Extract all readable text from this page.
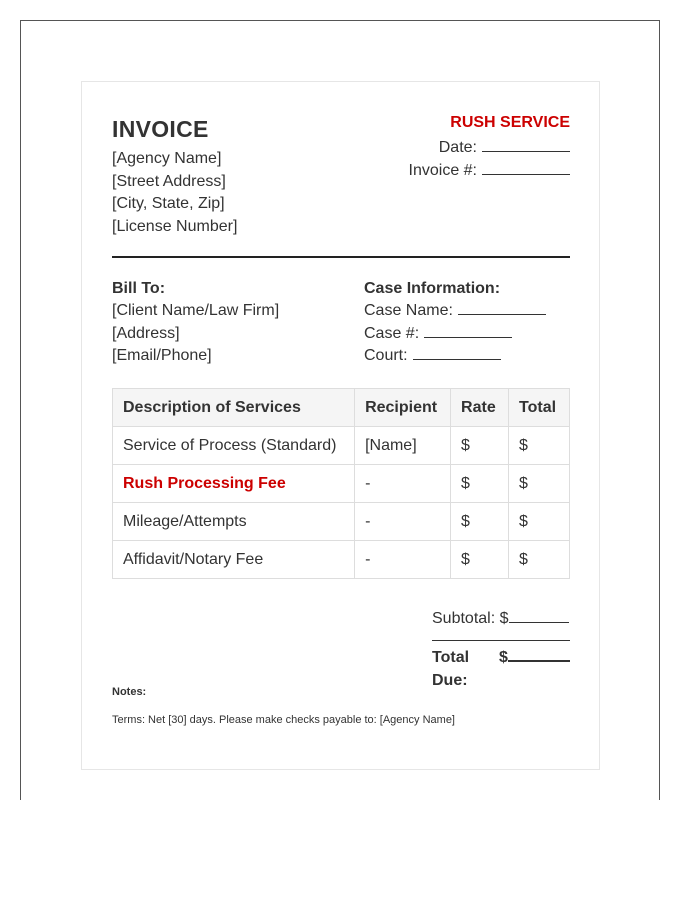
INVOICE
[Agency Name]
[Street Address]
[City, State, Zip]
[License Number]
RUSH SERVICE
Date:
Invoice #:
Bill To:
[Client Name/Law Firm]
[Address]
[Email/Phone]
Case Information:
Case Name:
Case #:
Court:
Description of Services	Recipient	Rate	Total
Service of Process (Standard)	[Name]	$	$
Rush Processing Fee	-	$	$
Mileage/Attempts	-	$	$
Affidavit/Notary Fee	-	$	$
Subtotal: $
Total Due:
$
Notes:
Terms: Net [30] days. Please make checks payable to: [Agency Name]
